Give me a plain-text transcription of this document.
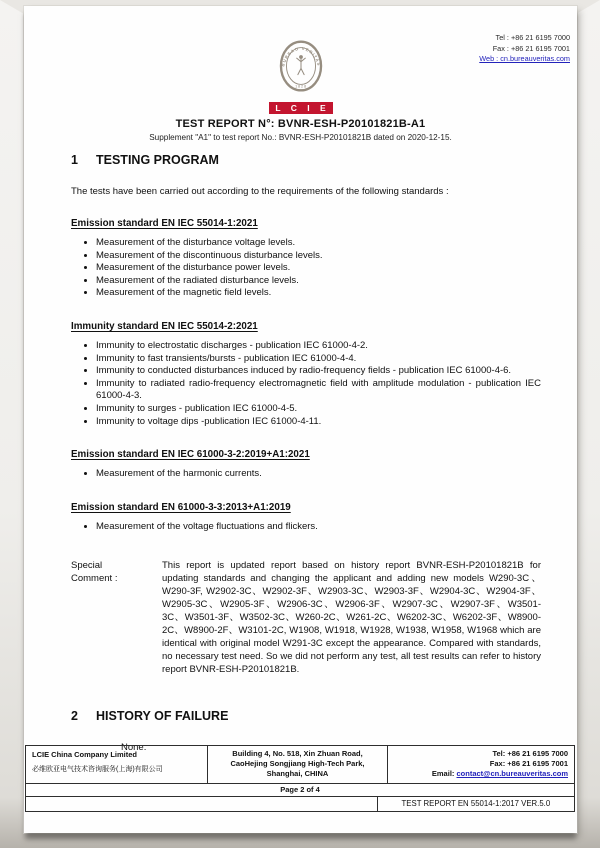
BUREAU VERITAS
1828
L C I E
Tel : +86 21 6195 7000
Fax : +86 21 6195 7001
Web : cn.bureauveritas.com
TEST REPORT N°: BVNR-ESH-P20101821B-A1
Supplement "A1" to test report No.: BVNR-ESH-P20101821B dated on 2020-12-15.
1	TESTING PROGRAM
The tests have been carried out according to the requirements of the following standards :
Emission standard EN IEC 55014-1:2021
• Measurement of the disturbance voltage levels.
• Measurement of the discontinuous disturbance levels.
• Measurement of the disturbance power levels.
• Measurement of the radiated disturbance levels.
• Measurement of the magnetic field levels.
Immunity standard EN IEC 55014-2:2021
• Immunity to electrostatic discharges - publication IEC 61000-4-2.
• Immunity to fast transients/bursts - publication IEC 61000-4-4.
• Immunity to conducted disturbances induced by radio-frequency fields - publication IEC 61000-4-6.
• Immunity to radiated radio-frequency electromagnetic field with amplitude modulation - publication IEC 61000-4-3.
• Immunity to surges - publication IEC 61000-4-5.
• Immunity to voltage dips -publication IEC 61000-4-11.
Emission standard EN IEC 61000-3-2:2019+A1:2021
• Measurement of the harmonic currents.
Emission standard EN 61000-3-3:2013+A1:2019
• Measurement of the voltage fluctuations and flickers.
Special
Comment :
This report is updated report based on history report BVNR-ESH-P20101821B for updating standards and changing the applicant and adding new models W290-3C、W290-3F, W2902-3C、W2902-3F、W2903-3C、W2903-3F、W2904-3C、W2904-3F、W2905-3C、W2905-3F、W2906-3C、W2906-3F、W2907-3C、W2907-3F、W3501-3C、W3501-3F、W3502-3C、W260-2C、W261-2C、W6202-3C、W6202-3F、W8900-2C、W8900-2F、W3101-2C, W1908, W1918, W1928, W1938, W1958, W1968 which are identical with original model W291-3C except the appearance. Compared with standards, no necessary test need. So we did not perform any test, all test results can refer to history report BVNR-ESH-P20101821B.
2	HISTORY OF FAILURE
None.
LCIE China Company Limited
必维欧亚电气技术咨询服务(上海)有限公司
Building 4, No. 518, Xin Zhuan Road,
CaoHejing Songjiang High-Tech Park,
Shanghai, CHINA
Tel: +86 21 6195 7000
Fax: +86 21 6195 7001
Email: contact@cn.bureauveritas.com
Page 2 of 4
TEST REPORT EN 55014-1:2017 VER.5.0
